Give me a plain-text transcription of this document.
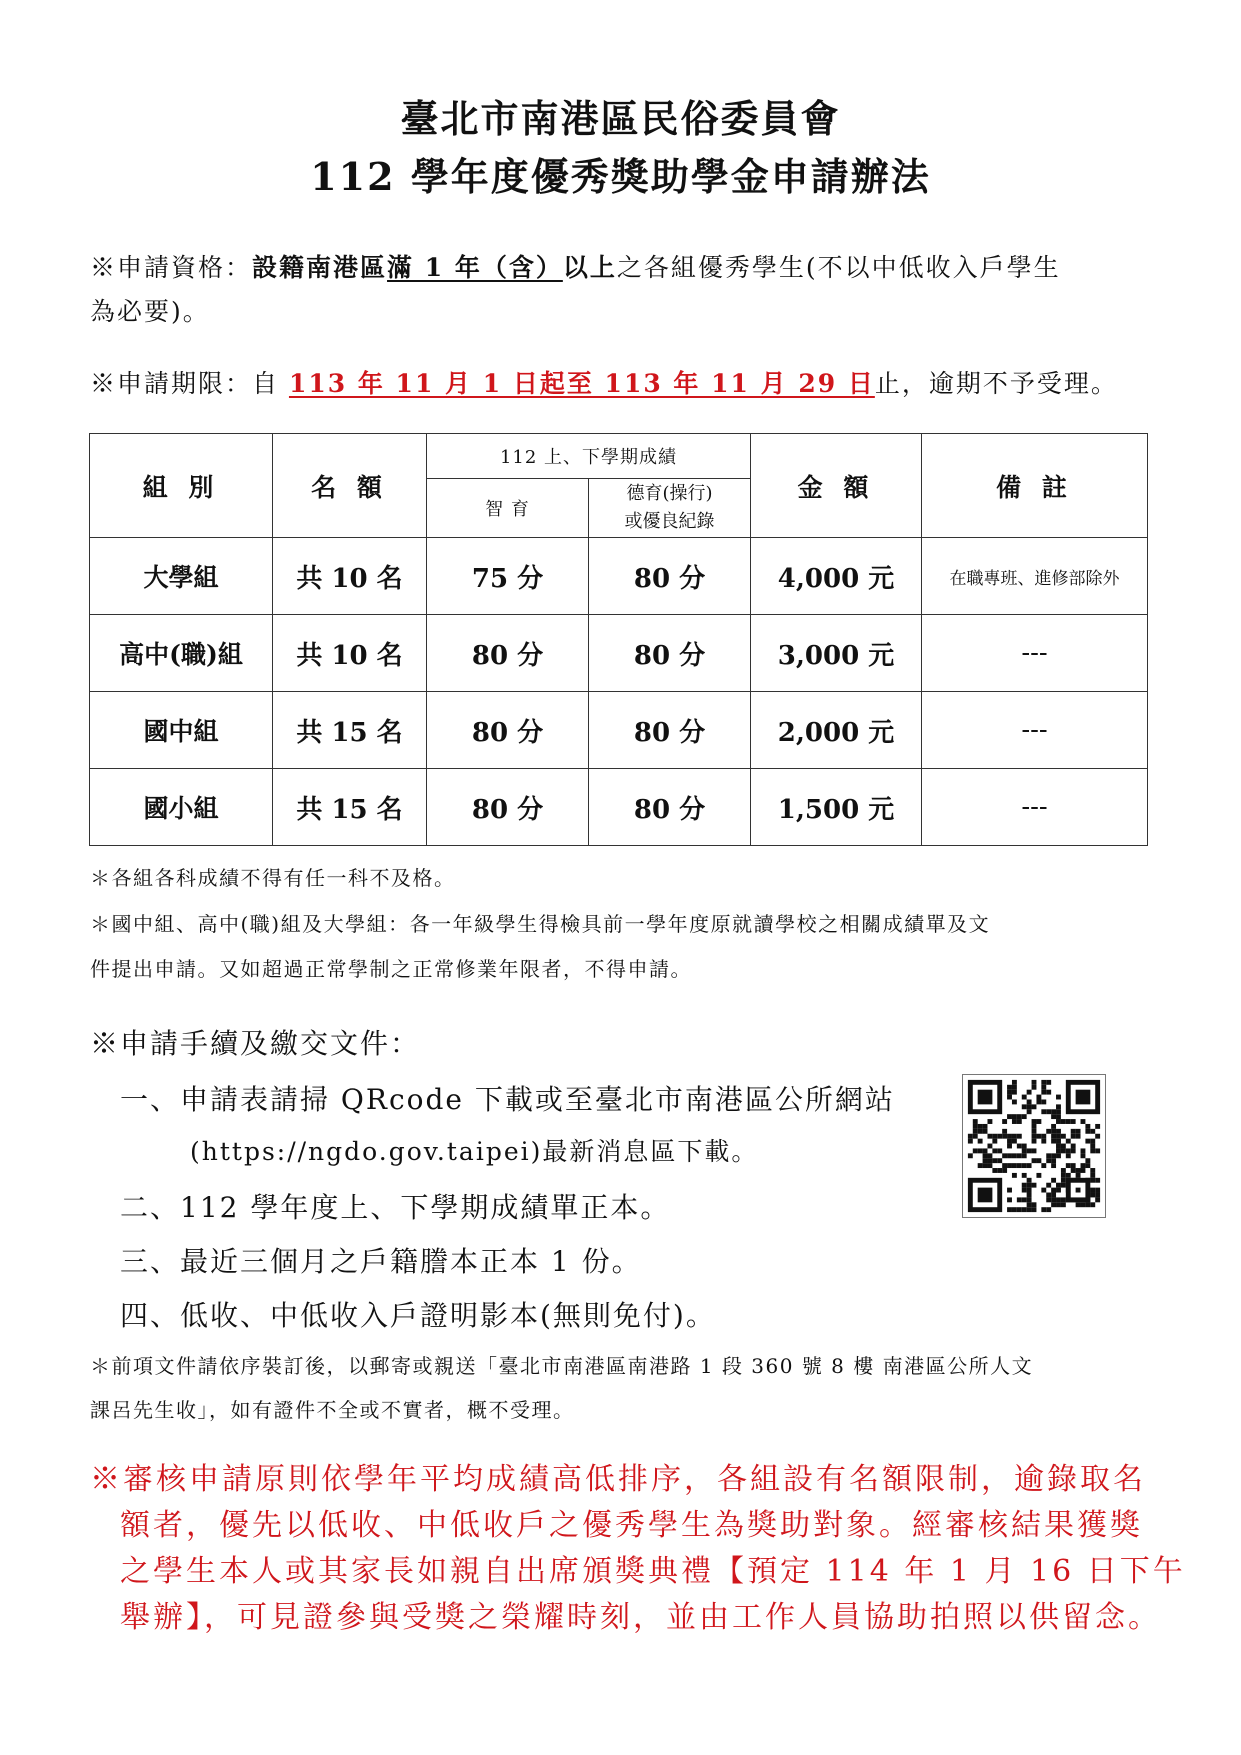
臺北市南港區民俗委員會
112 學年度優秀獎助學金申請辦法
※申請資格：設籍南港區滿 1 年（含）以上之各組優秀學生(不以中低收入戶學生
為必要)。
※申請期限：自 113 年 11 月 1 日起至 113 年 11 月 29 日止，逾期不予受理。
組 別	名 額	112 上、下學期成績		金 額	備 註
		智 育	德育(操行)
或優良紀錄		

大學組	共 10 名	75 分	80 分	4,000 元	在職專班、進修部除外
高中(職)組	共 10 名	80 分	80 分	3,000 元	---
國中組	共 15 名	80 分	80 分	2,000 元	---
國小組	共 15 名	80 分	80 分	1,500 元	---
＊各組各科成績不得有任一科不及格。
＊國中組、高中(職)組及大學組：各一年級學生得檢具前一學年度原就讀學校之相關成績單及文
件提出申請。又如超過正常學制之正常修業年限者，不得申請。
※申請手續及繳交文件：
一、申請表請掃 QRcode 下載或至臺北市南港區公所網站
(https://ngdo.gov.taipei)最新消息區下載。
二、112 學年度上、下學期成績單正本。
三、最近三個月之戶籍謄本正本 1 份。
四、低收、中低收入戶證明影本(無則免付)。
＊前項文件請依序裝訂後，以郵寄或親送「臺北市南港區南港路 1 段 360 號 8 樓 南港區公所人文
課呂先生收」，如有證件不全或不實者，概不受理。
※審核申請原則依學年平均成績高低排序，各組設有名額限制，逾錄取名
額者，優先以低收、中低收戶之優秀學生為獎助對象。經審核結果獲獎
之學生本人或其家長如親自出席頒獎典禮【預定 114 年 1 月 16 日下午
舉辦】，可見證參與受獎之榮耀時刻，並由工作人員協助拍照以供留念。
